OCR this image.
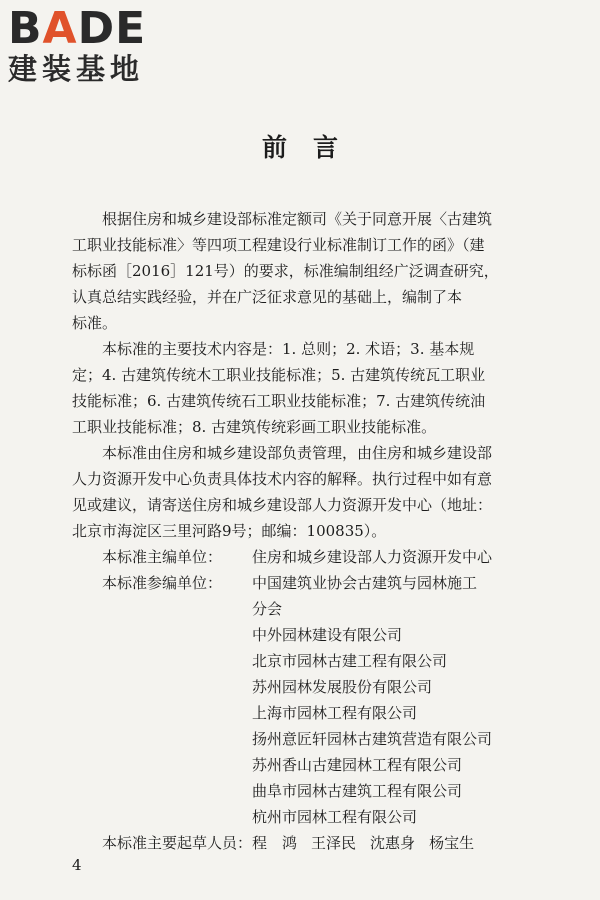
BADE
建装基地
前言

根据住房和城乡建设部标准定额司《关于同意开展〈古建筑

工职业技能标准〉等四项工程建设行业标准制订工作的函》（建

标标函［2016］121号）的要求，标准编制组经广泛调查研究，

认真总结实践经验，并在广泛征求意见的基础上，编制了本

标准。

本标准的主要技术内容是：1. 总则；2. 术语；3. 基本规

定；4. 古建筑传统木工职业技能标准；5. 古建筑传统瓦工职业

技能标准；6. 古建筑传统石工职业技能标准；7. 古建筑传统油

工职业技能标准；8. 古建筑传统彩画工职业技能标准。

本标准由住房和城乡建设部负责管理，由住房和城乡建设部

人力资源开发中心负责具体技术内容的解释。执行过程中如有意

见或建议，请寄送住房和城乡建设部人力资源开发中心（地址：

北京市海淀区三里河路9号；邮编：100835）。

本标准主编单位：	住房和城乡建设部人力资源开发中心
本标准参编单位：	中国建筑业协会古建筑与园林施工
分会
中外园林建设有限公司
北京市园林古建工程有限公司
苏州园林发展股份有限公司
上海市园林工程有限公司
扬州意匠轩园林古建筑营造有限公司
苏州香山古建园林工程有限公司
曲阜市园林古建筑工程有限公司
杭州市园林工程有限公司
本标准主要起草人员：程　鸿 王泽民 沈惠身 杨宝生
4
